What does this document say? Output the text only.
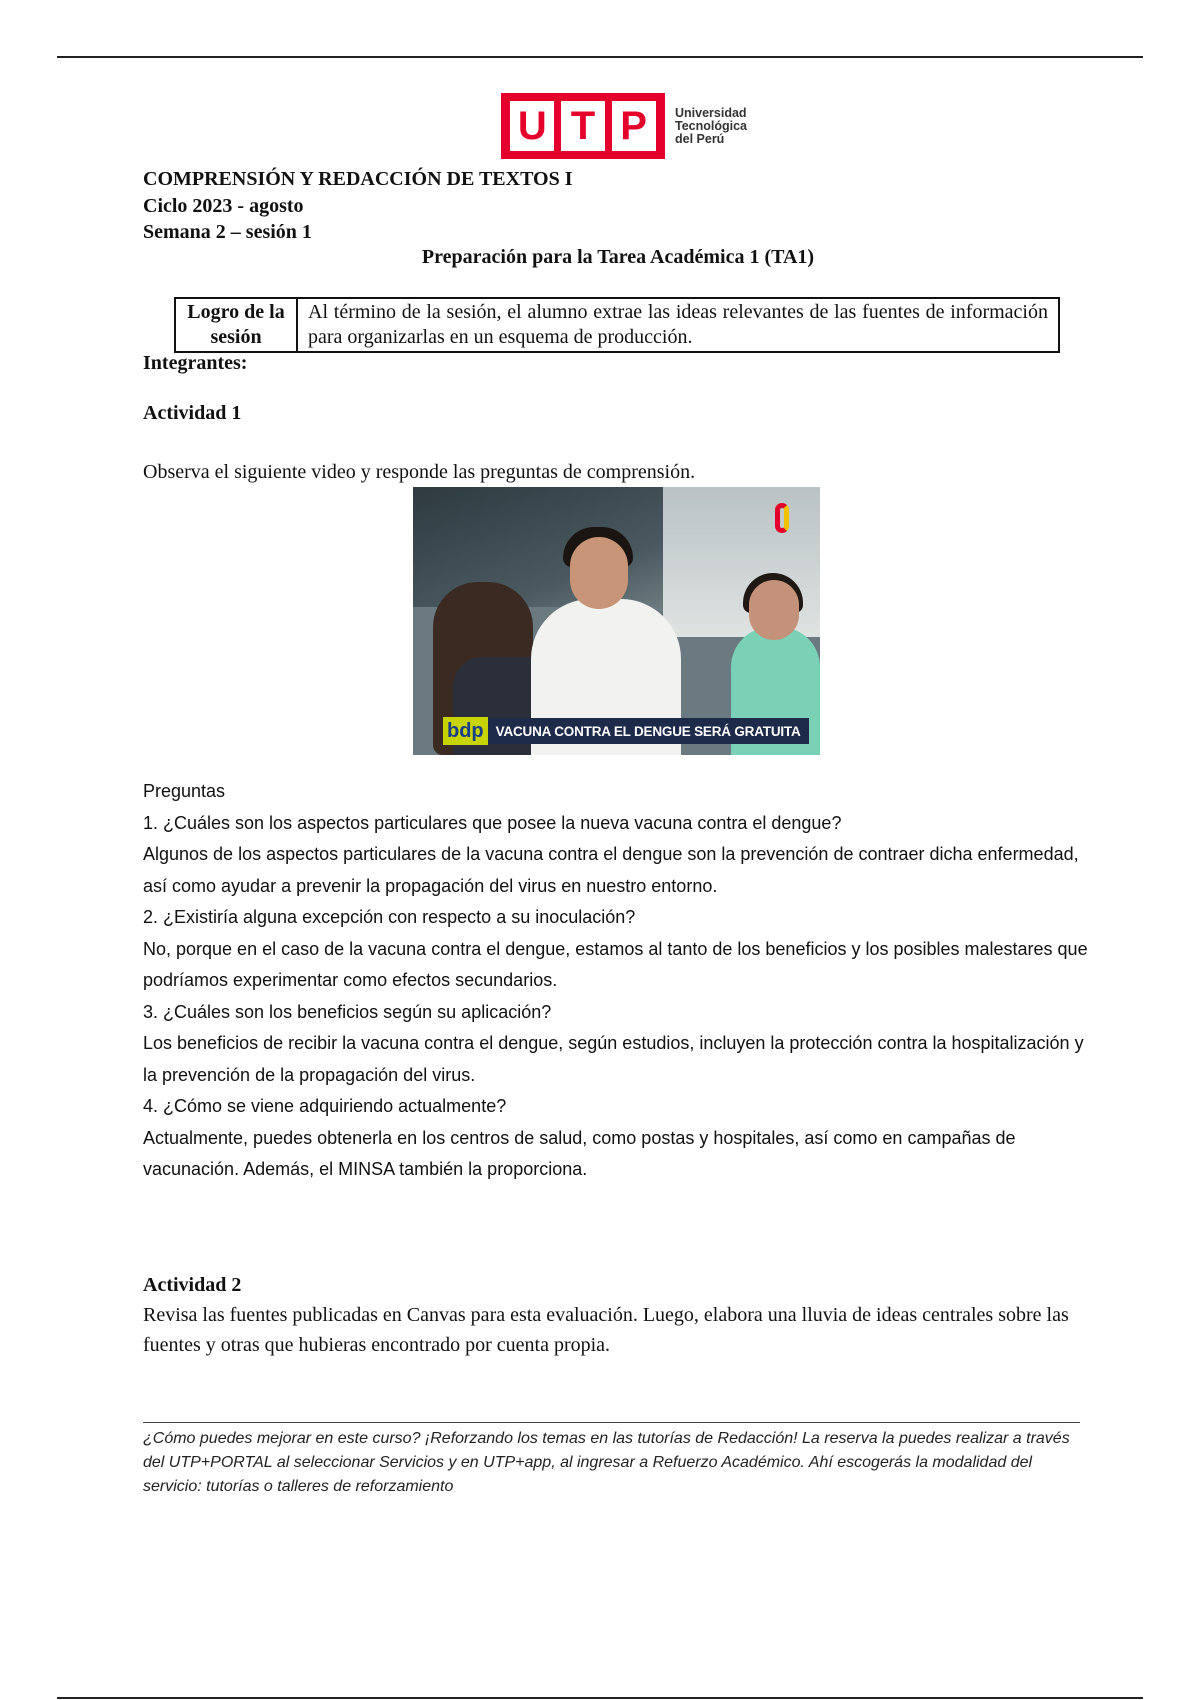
U T P	Universidad
Tecnológica
del Perú
COMPRENSIÓN Y REDACCIÓN DE TEXTOS I
Ciclo 2023 - agosto
Semana 2 – sesión 1
Preparación para la Tarea Académica 1 (TA1)
Logro de la
sesión
	Al término de la sesión, el alumno extrae las ideas relevantes de las fuentes de información para organizarlas en un esquema de producción.
Integrantes:
Actividad 1
Observa el siguiente video y responde las preguntas de comprensión.
bdp VACUNA CONTRA EL DENGUE SERÁ GRATUITA

Preguntas

1. ¿Cuáles son los aspectos particulares que posee la nueva vacuna contra el dengue?

Algunos de los aspectos particulares de la vacuna contra el dengue son la prevención de contraer dicha enfermedad, así como ayudar a prevenir la propagación del virus en nuestro entorno.

2. ¿Existiría alguna excepción con respecto a su inoculación?

No, porque en el caso de la vacuna contra el dengue, estamos al tanto de los beneficios y los posibles malestares que podríamos experimentar como efectos secundarios.

3. ¿Cuáles son los beneficios según su aplicación?

Los beneficios de recibir la vacuna contra el dengue, según estudios, incluyen la protección contra la hospitalización y la prevención de la propagación del virus.

4. ¿Cómo se viene adquiriendo actualmente?

Actualmente, puedes obtenerla en los centros de salud, como postas y hospitales, así como en campañas de vacunación. Además, el MINSA también la proporciona.

Actividad 2

Revisa las fuentes publicadas en Canvas para esta evaluación. Luego, elabora una lluvia de ideas centrales sobre las fuentes y otras que hubieras encontrado por cuenta propia.

¿Cómo puedes mejorar en este curso? ¡Reforzando los temas en las tutorías de Redacción! La reserva la puedes realizar a través del UTP+PORTAL al seleccionar Servicios y en UTP+app, al ingresar a Refuerzo Académico. Ahí escogerás la modalidad del servicio: tutorías o talleres de reforzamiento
